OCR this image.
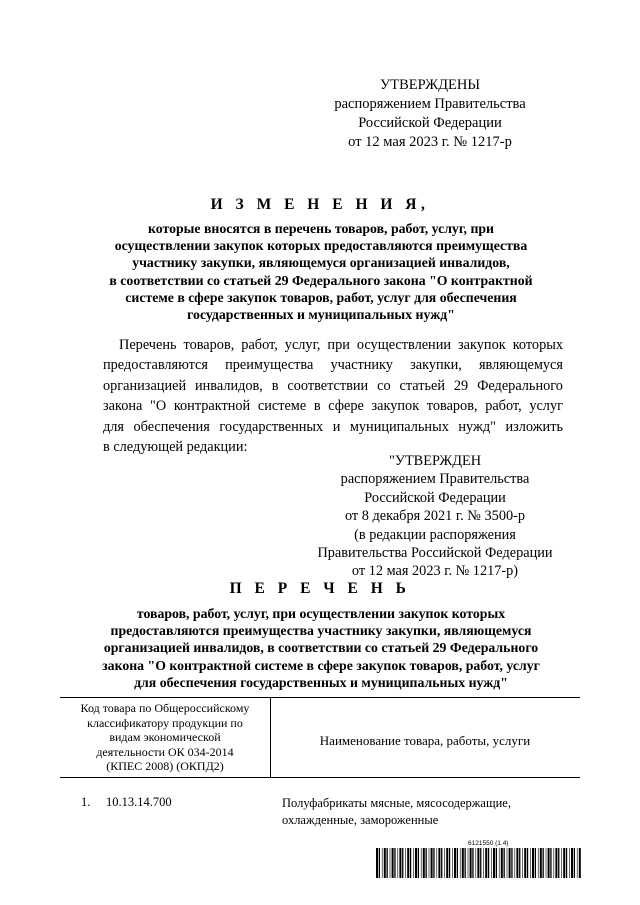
УТВЕРЖДЕНЫ
распоряжением Правительства
Российской Федерации
от 12 мая 2023 г. № 1217-р
И З М Е Н Е Н И Я,
которые вносятся в перечень товаров, работ, услуг, при
осуществлении закупок которых предоставляются преимущества
участнику закупки, являющемуся организацией инвалидов,
в соответствии со статьей 29 Федерального закона "О контрактной
системе в сфере закупок товаров, работ, услуг для обеспечения
государственных и муниципальных нужд"
Перечень товаров, работ, услуг, при осуществлении закупок которых
предоставляются преимущества участнику закупки, являющемуся
организацией инвалидов, в соответствии со статьей 29 Федерального
закона "О контрактной системе в сфере закупок товаров, работ, услуг
для обеспечения государственных и муниципальных нужд" изложить
в следующей редакции:
"УТВЕРЖДЕН
распоряжением Правительства
Российской Федерации
от 8 декабря 2021 г. № 3500-р
(в редакции распоряжения
Правительства Российской Федерации
от 12 мая 2023 г. № 1217-р)
П Е Р Е Ч Е Н Ь
товаров, работ, услуг, при осуществлении закупок которых
предоставляются преимущества участнику закупки, являющемуся
организацией инвалидов, в соответствии со статьей 29 Федерального
закона "О контрактной системе в сфере закупок товаров, работ, услуг
для обеспечения государственных и муниципальных нужд"
Код товара по Общероссийскому
классификатору продукции по
видам экономической
деятельности ОК 034-2014
(КПЕС 2008) (ОКПД2)
Наименование товара, работы, услуги
1. 10.13.14.700	Полуфабрикаты мясные, мясосодержащие,
охлажденные, замороженные
6121550 (1.4)
